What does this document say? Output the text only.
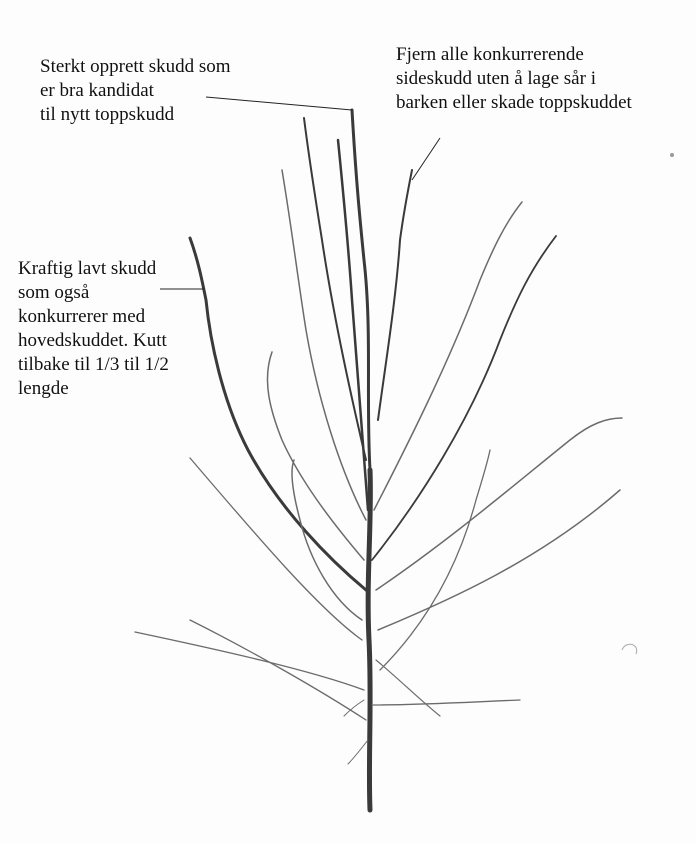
Sterkt opprett skudd som
er bra kandidat
til nytt toppskudd
Fjern alle konkurrerende
sideskudd uten å lage sår i
barken eller skade toppskuddet
Kraftig lavt skudd
som også
konkurrerer med
hovedskuddet. Kutt
tilbake til 1/3 til 1/2
lengde
